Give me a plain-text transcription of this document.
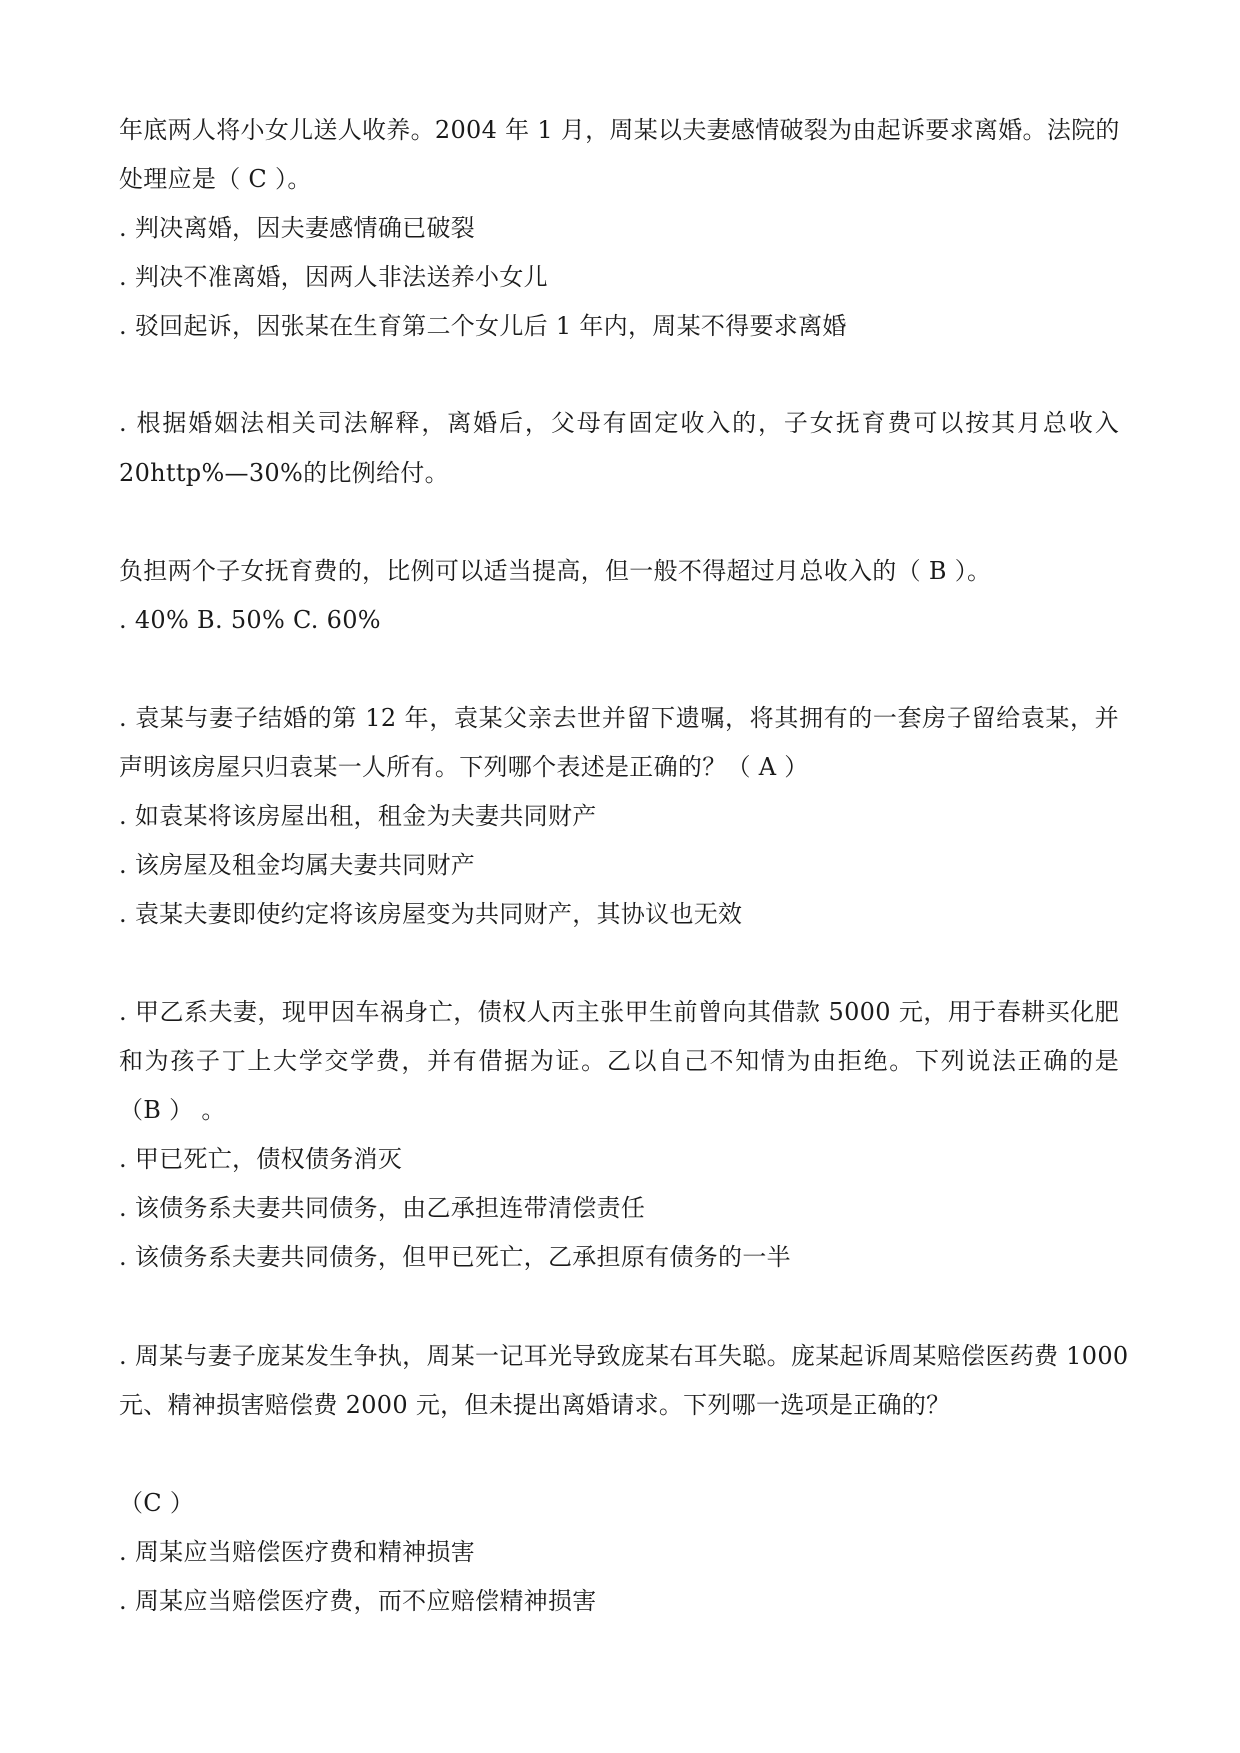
年底两人将小女儿送人收养。2004 年 1 月，周某以夫妻感情破裂为由起诉要求离婚。法院的
处理应是（ C ）。
. 判决离婚，因夫妻感情确已破裂
. 判决不准离婚，因两人非法送养小女儿
. 驳回起诉，因张某在生育第二个女儿后 1 年内，周某不得要求离婚
. 根据婚姻法相关司法解释，离婚后，父母有固定收入的，子女抚育费可以按其月总收入
20http%—30%的比例给付。
负担两个子女抚育费的，比例可以适当提高，但一般不得超过月总收入的（ B ）。
. 40% B. 50% C. 60%
. 袁某与妻子结婚的第 12 年，袁某父亲去世并留下遗嘱，将其拥有的一套房子留给袁某，并
声明该房屋只归袁某一人所有。下列哪个表述是正确的？（ A ）
. 如袁某将该房屋出租，租金为夫妻共同财产
. 该房屋及租金均属夫妻共同财产
. 袁某夫妻即使约定将该房屋变为共同财产，其协议也无效
. 甲乙系夫妻，现甲因车祸身亡，债权人丙主张甲生前曾向其借款 5000 元，用于春耕买化肥
和为孩子丁上大学交学费，并有借据为证。乙以自己不知情为由拒绝。下列说法正确的是
（B ） 。
. 甲已死亡，债权债务消灭
. 该债务系夫妻共同债务，由乙承担连带清偿责任
. 该债务系夫妻共同债务，但甲已死亡，乙承担原有债务的一半
. 周某与妻子庞某发生争执，周某一记耳光导致庞某右耳失聪。庞某起诉周某赔偿医药费 1000
元、精神损害赔偿费 2000 元，但未提出离婚请求。下列哪一选项是正确的？
（C ）
. 周某应当赔偿医疗费和精神损害
. 周某应当赔偿医疗费，而不应赔偿精神损害
